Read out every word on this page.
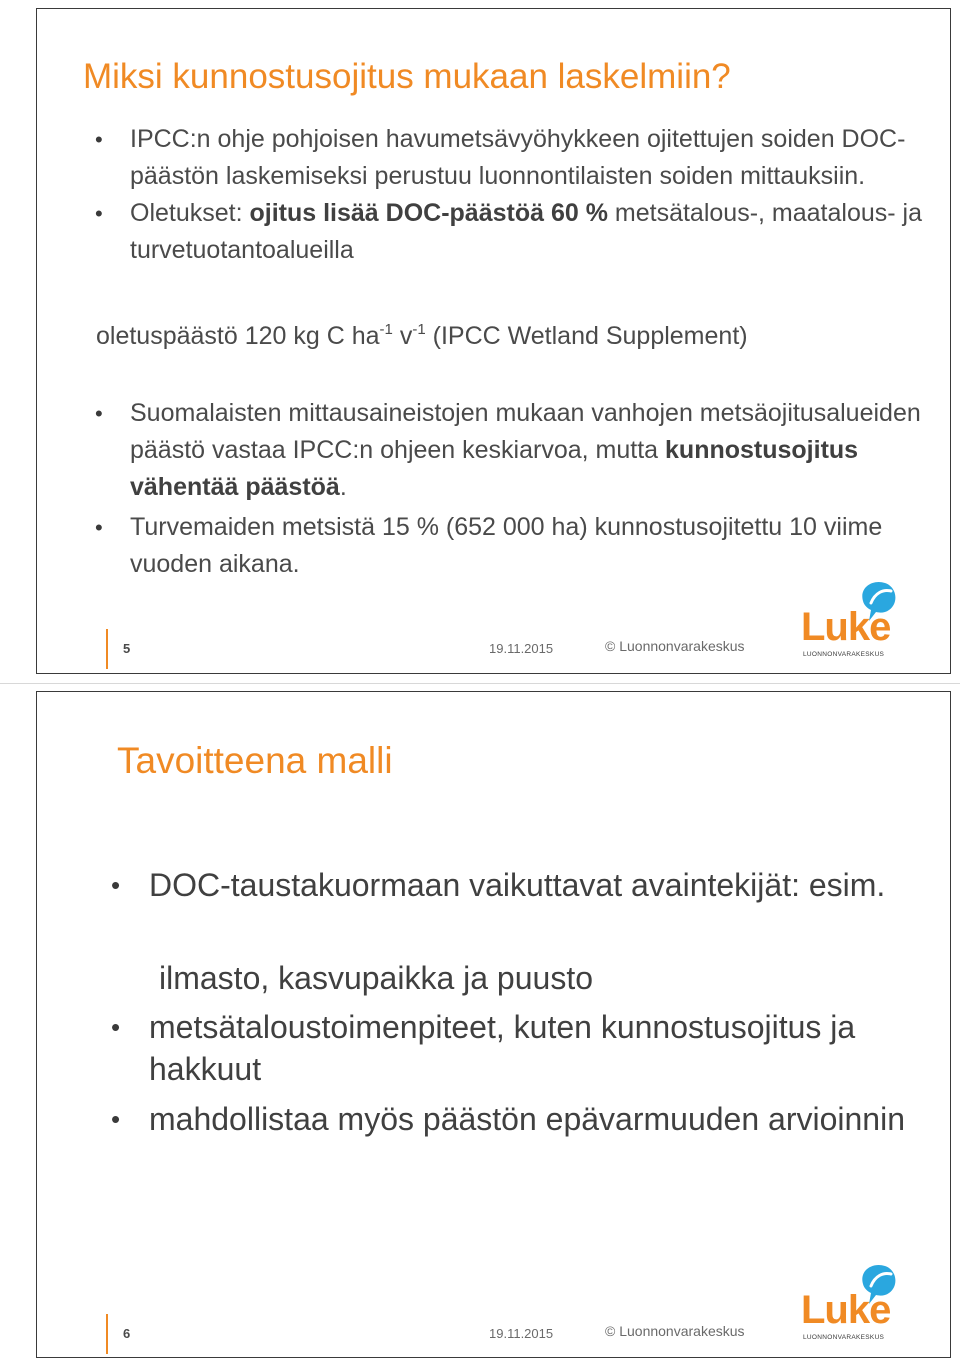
Miksi kunnostusojitus mukaan laskelmiin?
• IPCC:n ohje pohjoisen havumetsävyöhykkeen ojitettujen soiden DOC-päästön laskemiseksi perustuu luonnontilaisten soiden mittauksiin.
• Oletukset: ojitus lisää DOC-päästöä 60 % metsätalous-, maatalous- ja turvetuotantoalueilla
oletuspäästö 120 kg C $ha^{-1}$ $v^{-1}$ (IPCC Wetland Supplement)
• Suomalaisten mittausaineistojen mukaan vanhojen metsäojitusalueiden päästö vastaa IPCC:n ohjeen keskiarvoa, mutta kunnostusojitus vähentää päästöä.
• Turvemaiden metsistä 15 % (652 000 ha) kunnostusojitettu 10 viime vuoden aikana.
5	19.11.2015	© Luonnonvarakeskus Luke
LUONNONVARAKESKUS
Tavoitteena malli
• DOC-taustakuormaan vaikuttavat avaintekijät: esim.
ilmasto, kasvupaikka ja puusto
• metsätaloustoimenpiteet, kuten kunnostusojitus ja hakkuut
• mahdollistaa myös päästön epävarmuuden arvioinnin
6	19.11.2015	© Luonnonvarakeskus Luke
LUONNONVARAKESKUS
